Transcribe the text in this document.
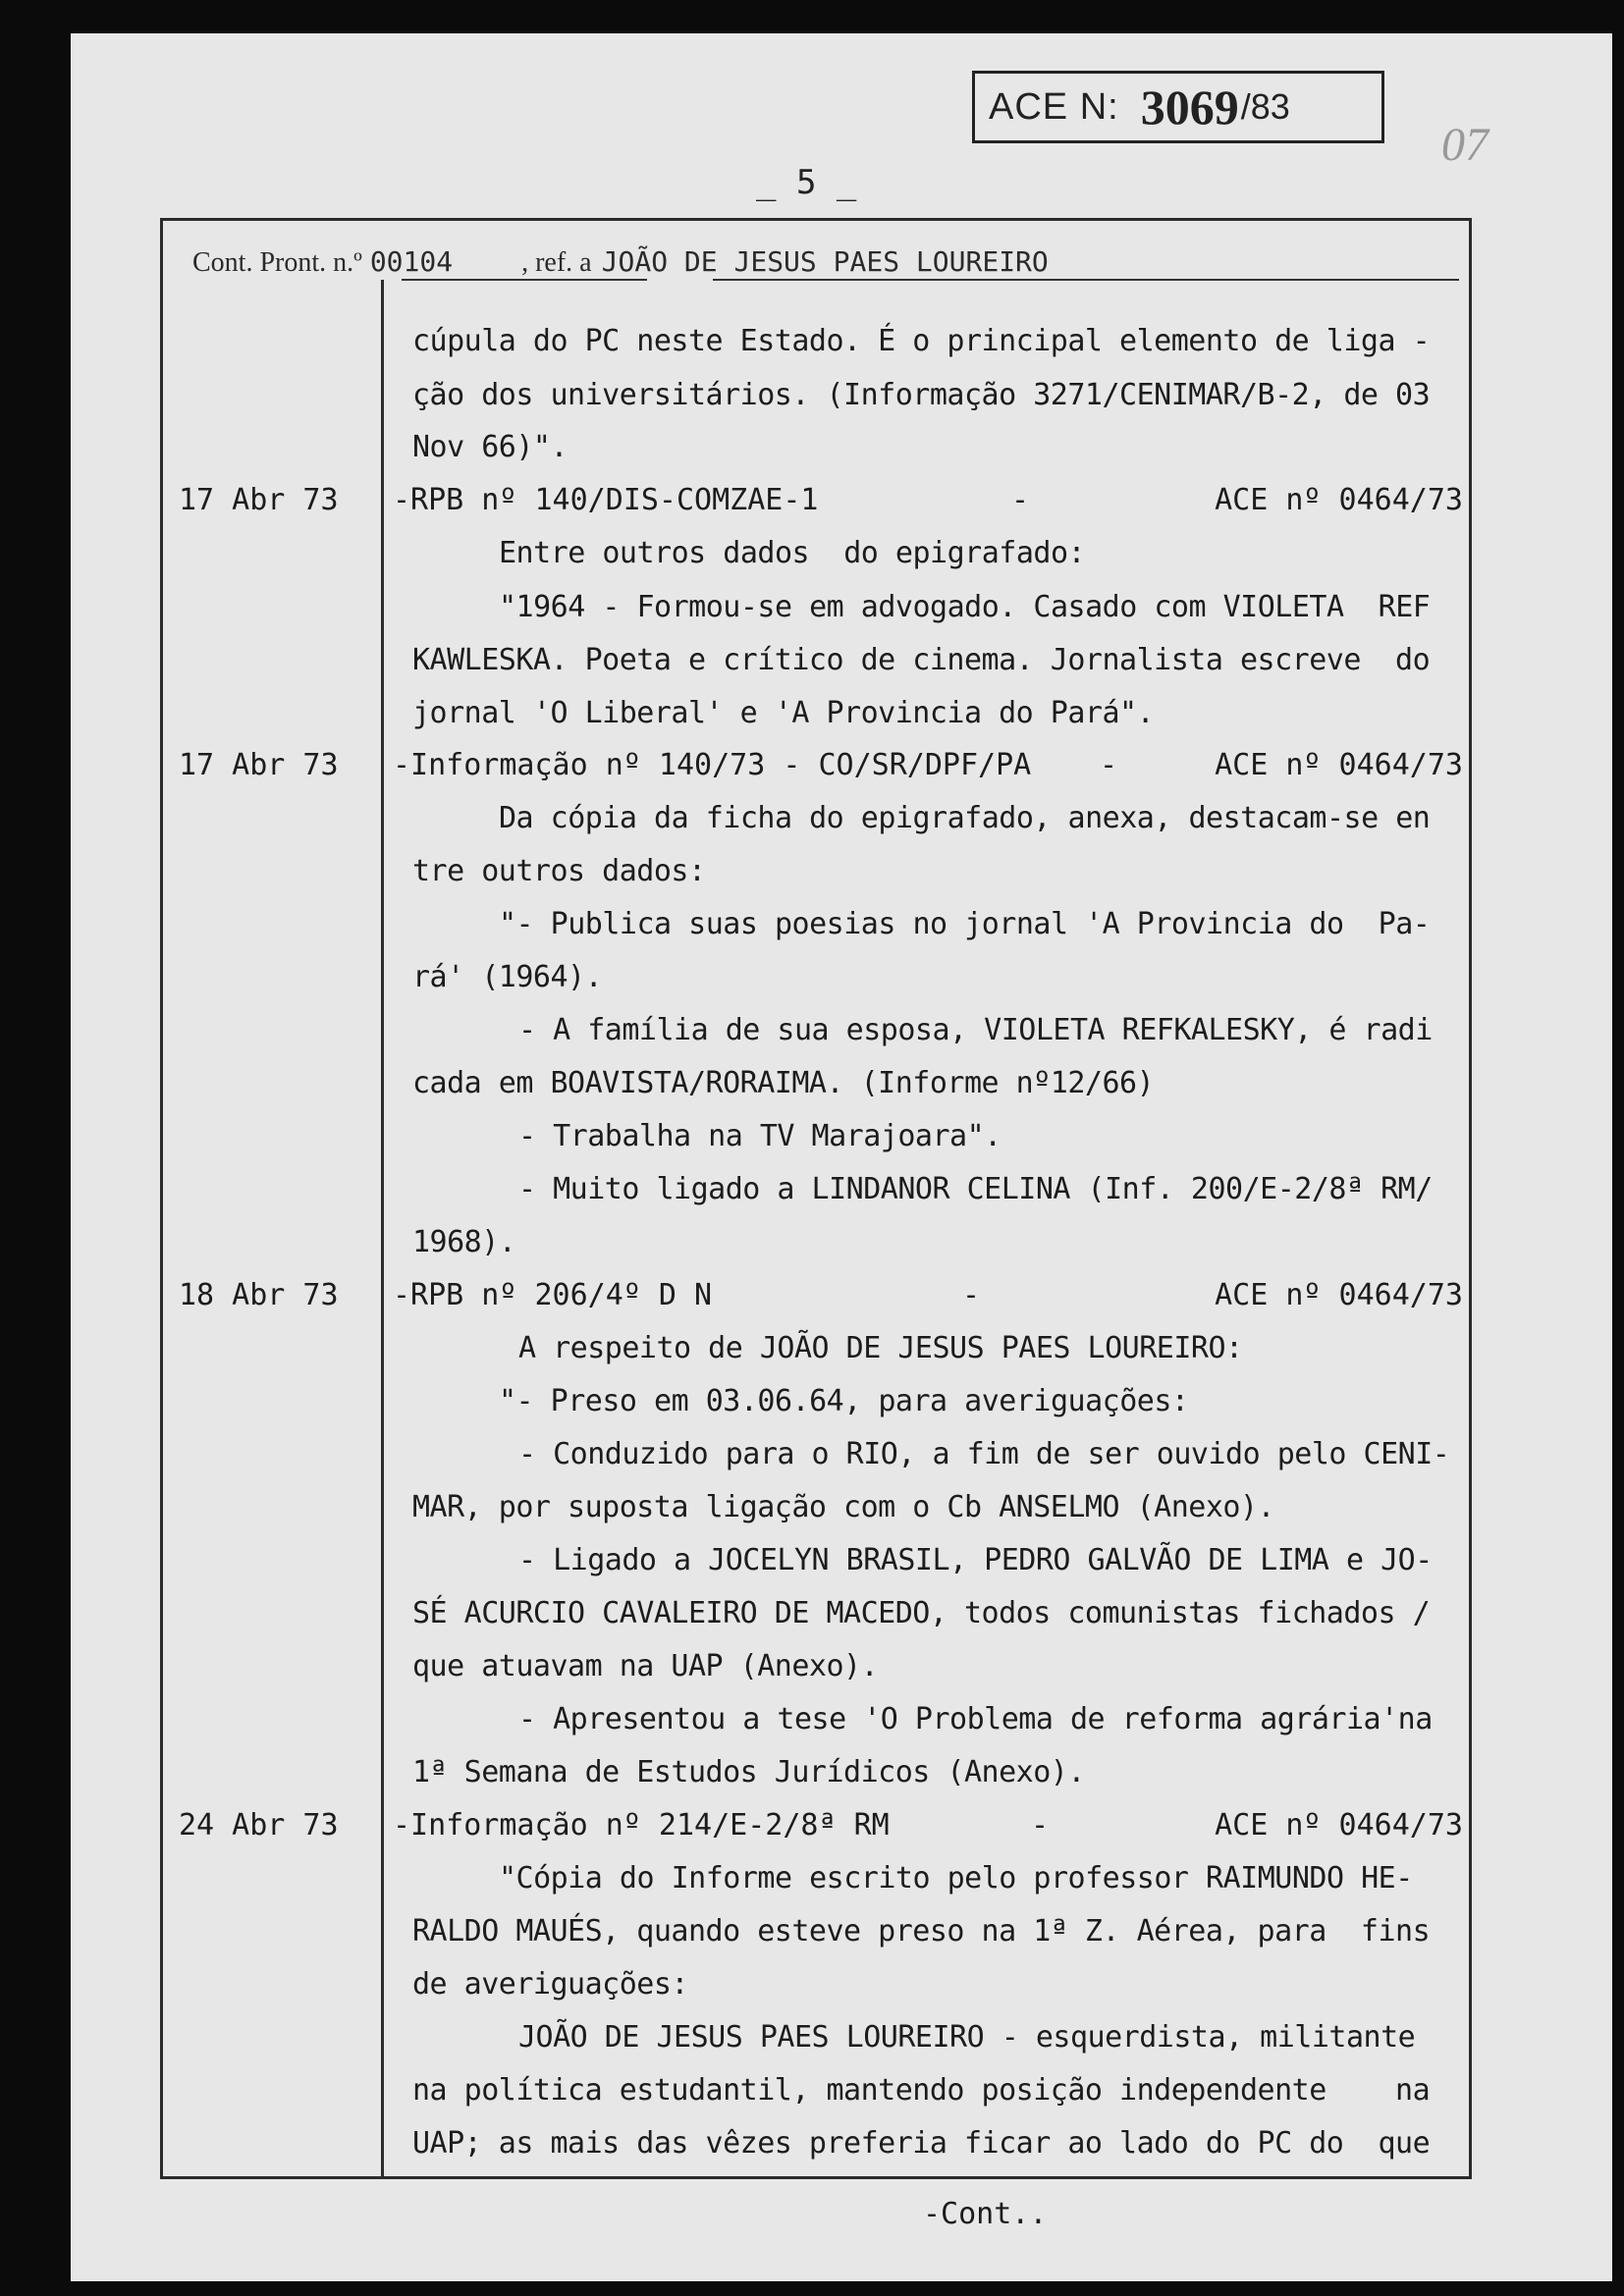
ACE N: 3069 /83
07
_ 5 _
Cont. Pront. n.º 00104	, ref. a JOÃO DE JESUS PAES LOUREIRO
cúpula do PC neste Estado. É o principal elemento de liga -
ção dos universitários. (Informação 3271/CENIMAR/B-2, de 03
Nov 66)".
17 Abr 73 -RPB nº 140/DIS-COMZAE-1	-	ACE nº 0464/73
Entre outros dados  do epigrafado:
"1964 - Formou-se em advogado. Casado com VIOLETA  REF
KAWLESKA. Poeta e crítico de cinema. Jornalista escreve  do
jornal 'O Liberal' e 'A Provincia do Pará".
17 Abr 73 -Informação nº 140/73 - CO/SR/DPF/PA -	ACE nº 0464/73
Da cópia da ficha do epigrafado, anexa, destacam-se en
tre outros dados:
"- Publica suas poesias no jornal 'A Provincia do  Pa-
rá' (1964).
- A família de sua esposa, VIOLETA REFKALESKY, é radi
cada em BOAVISTA/RORAIMA. (Informe nº12/66)
- Trabalha na TV Marajoara".
- Muito ligado a LINDANOR CELINA (Inf. 200/E-2/8ª RM/
1968).
18 Abr 73 -RPB nº 206/4º D N	-	ACE nº 0464/73
A respeito de JOÃO DE JESUS PAES LOUREIRO:
"- Preso em 03.06.64, para averiguações:
- Conduzido para o RIO, a fim de ser ouvido pelo CENI-
MAR, por suposta ligação com o Cb ANSELMO (Anexo).
- Ligado a JOCELYN BRASIL, PEDRO GALVÃO DE LIMA e JO-
SÉ ACURCIO CAVALEIRO DE MACEDO, todos comunistas fichados /
que atuavam na UAP (Anexo).
- Apresentou a tese 'O Problema de reforma agrária'na
1ª Semana de Estudos Jurídicos (Anexo).
24 Abr 73 -Informação nº 214/E-2/8ª RM	-	ACE nº 0464/73
"Cópia do Informe escrito pelo professor RAIMUNDO HE-
RALDO MAUÉS, quando esteve preso na 1ª Z. Aérea, para  fins
de averiguações:
JOÃO DE JESUS PAES LOUREIRO - esquerdista, militante
na política estudantil, mantendo posição independente    na
UAP; as mais das vêzes preferia ficar ao lado do PC do  que
-Cont..
